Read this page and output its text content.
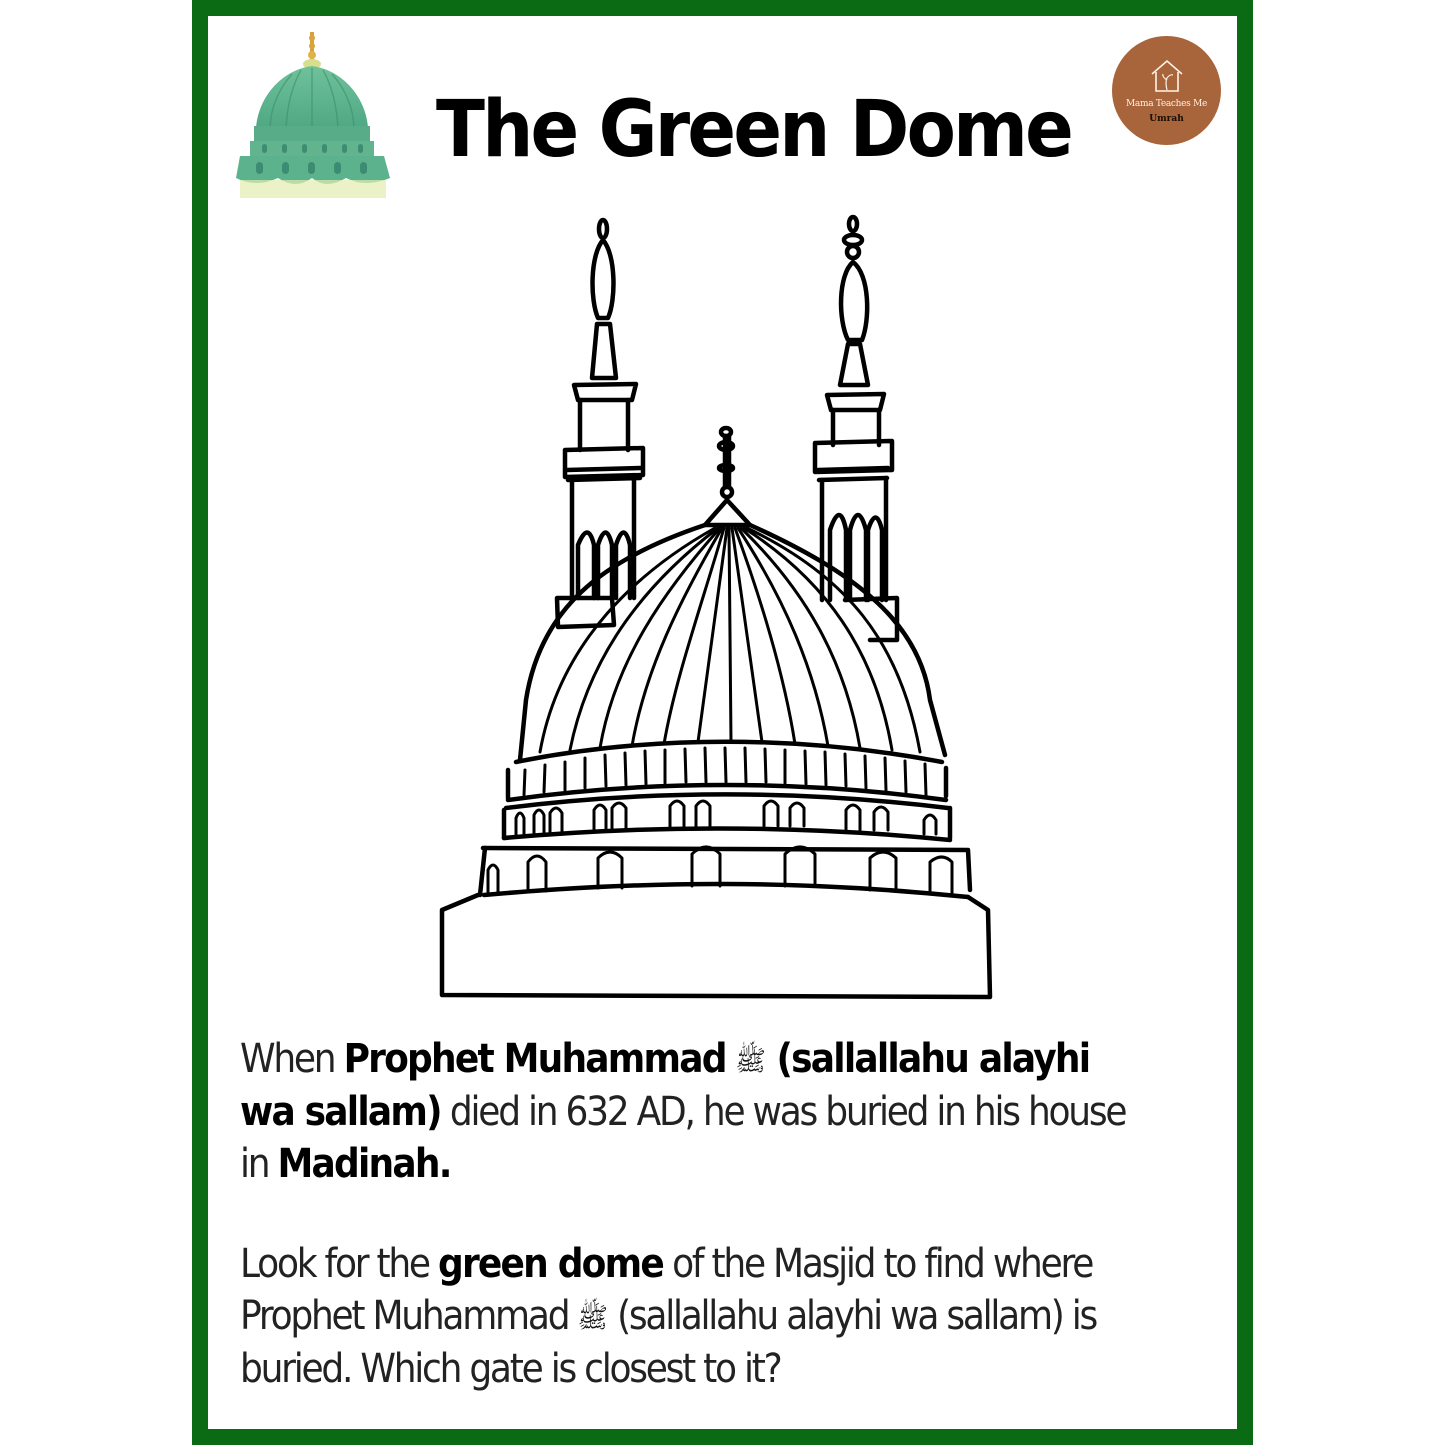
The Green Dome	Mama Teaches Me
Umrah
When Prophet Muhammad ﷺ (sallallahu alayhi wa sallam) died in 632 AD, he was buried in his house in Madinah.
Look for the green dome of the Masjid to find where Prophet Muhammad ﷺ (sallallahu alayhi wa sallam) is buried. Which gate is closest to it?
